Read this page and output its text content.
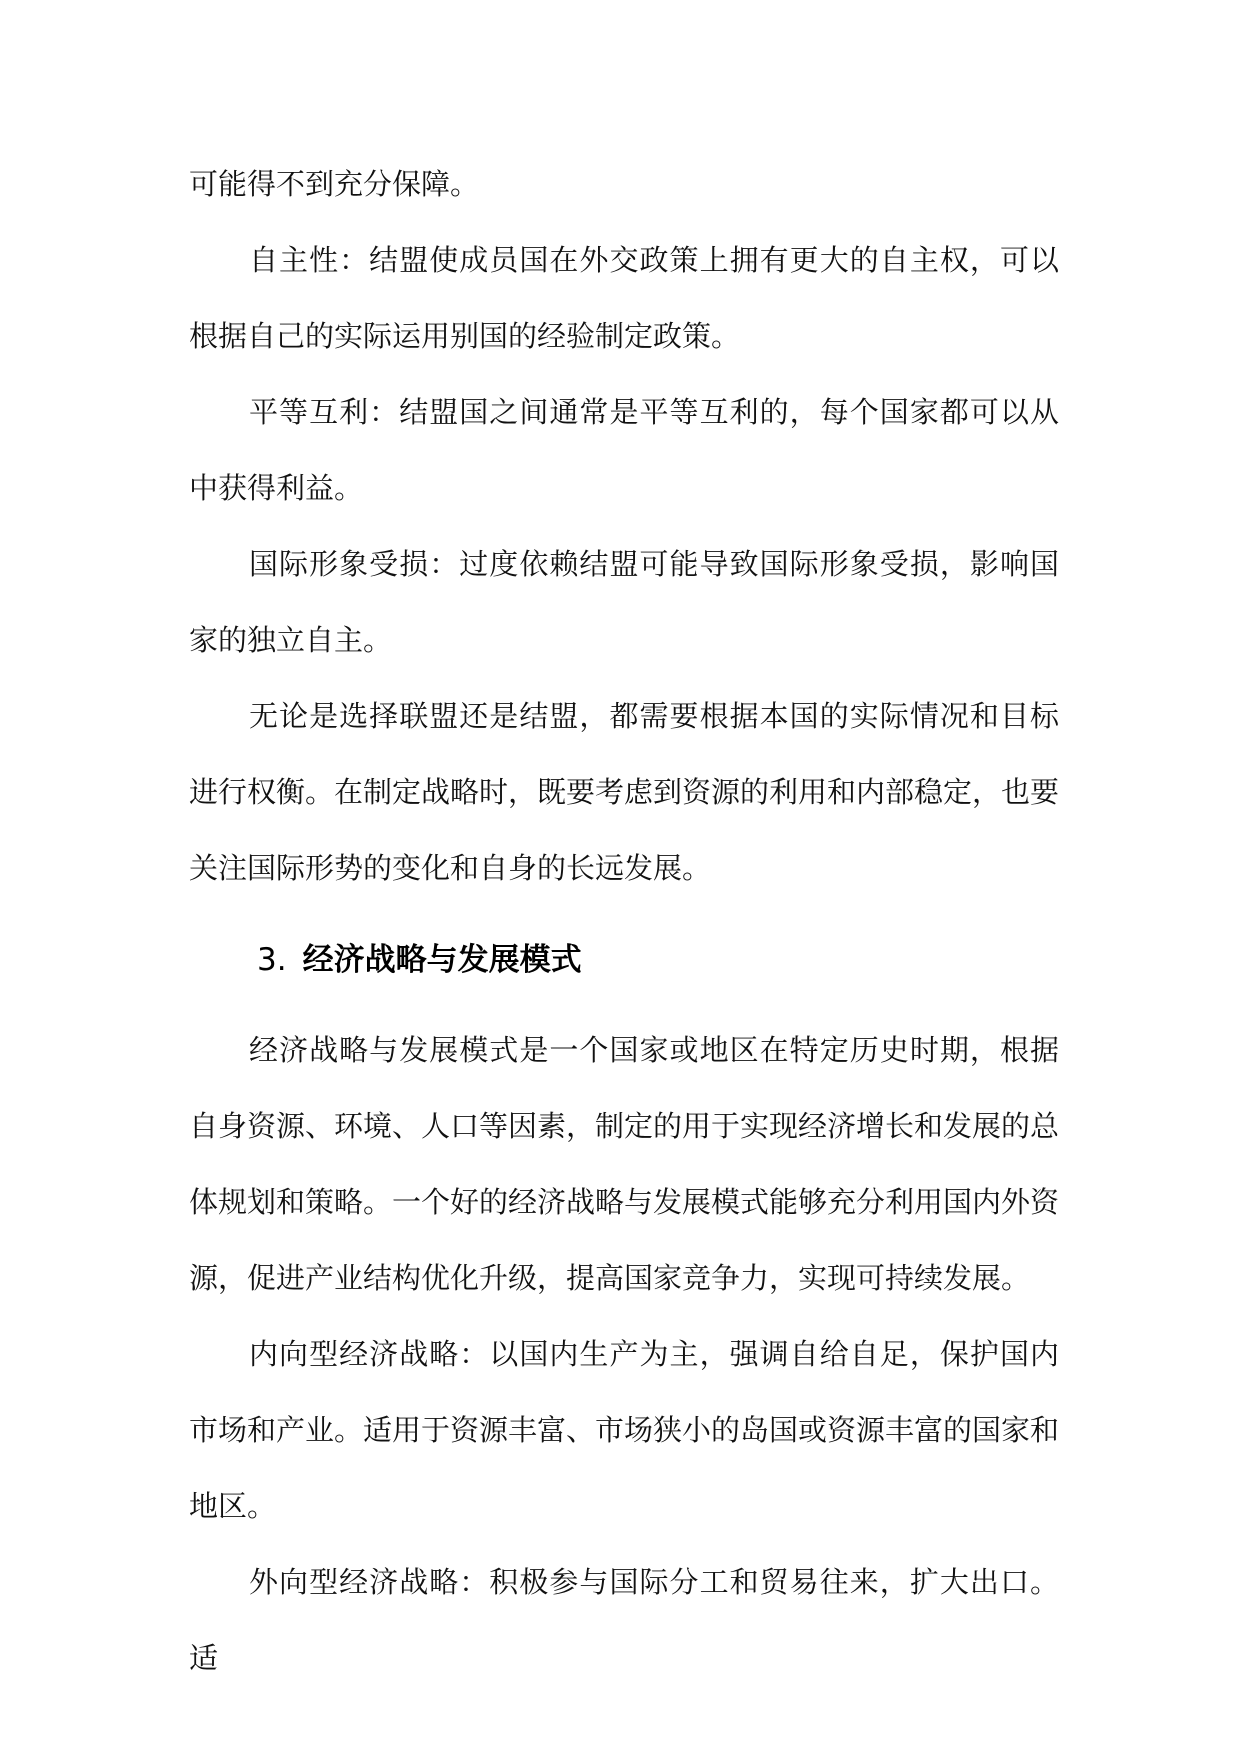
可能得不到充分保障。

自主性：结盟使成员国在外交政策上拥有更大的自主权，可以根据自己的实际运用别国的经验制定政策。

平等互利：结盟国之间通常是平等互利的，每个国家都可以从中获得利益。

国际形象受损：过度依赖结盟可能导致国际形象受损，影响国家的独立自主。

无论是选择联盟还是结盟，都需要根据本国的实际情况和目标进行权衡。在制定战略时，既要考虑到资源的利用和内部稳定，也要关注国际形势的变化和自身的长远发展。

3. 经济战略与发展模式

经济战略与发展模式是一个国家或地区在特定历史时期，根据自身资源、环境、人口等因素，制定的用于实现经济增长和发展的总体规划和策略。一个好的经济战略与发展模式能够充分利用国内外资源，促进产业结构优化升级，提高国家竞争力，实现可持续发展。

内向型经济战略：以国内生产为主，强调自给自足，保护国内市场和产业。适用于资源丰富、市场狭小的岛国或资源丰富的国家和地区。

外向型经济战略：积极参与国际分工和贸易往来，扩大出口。适
